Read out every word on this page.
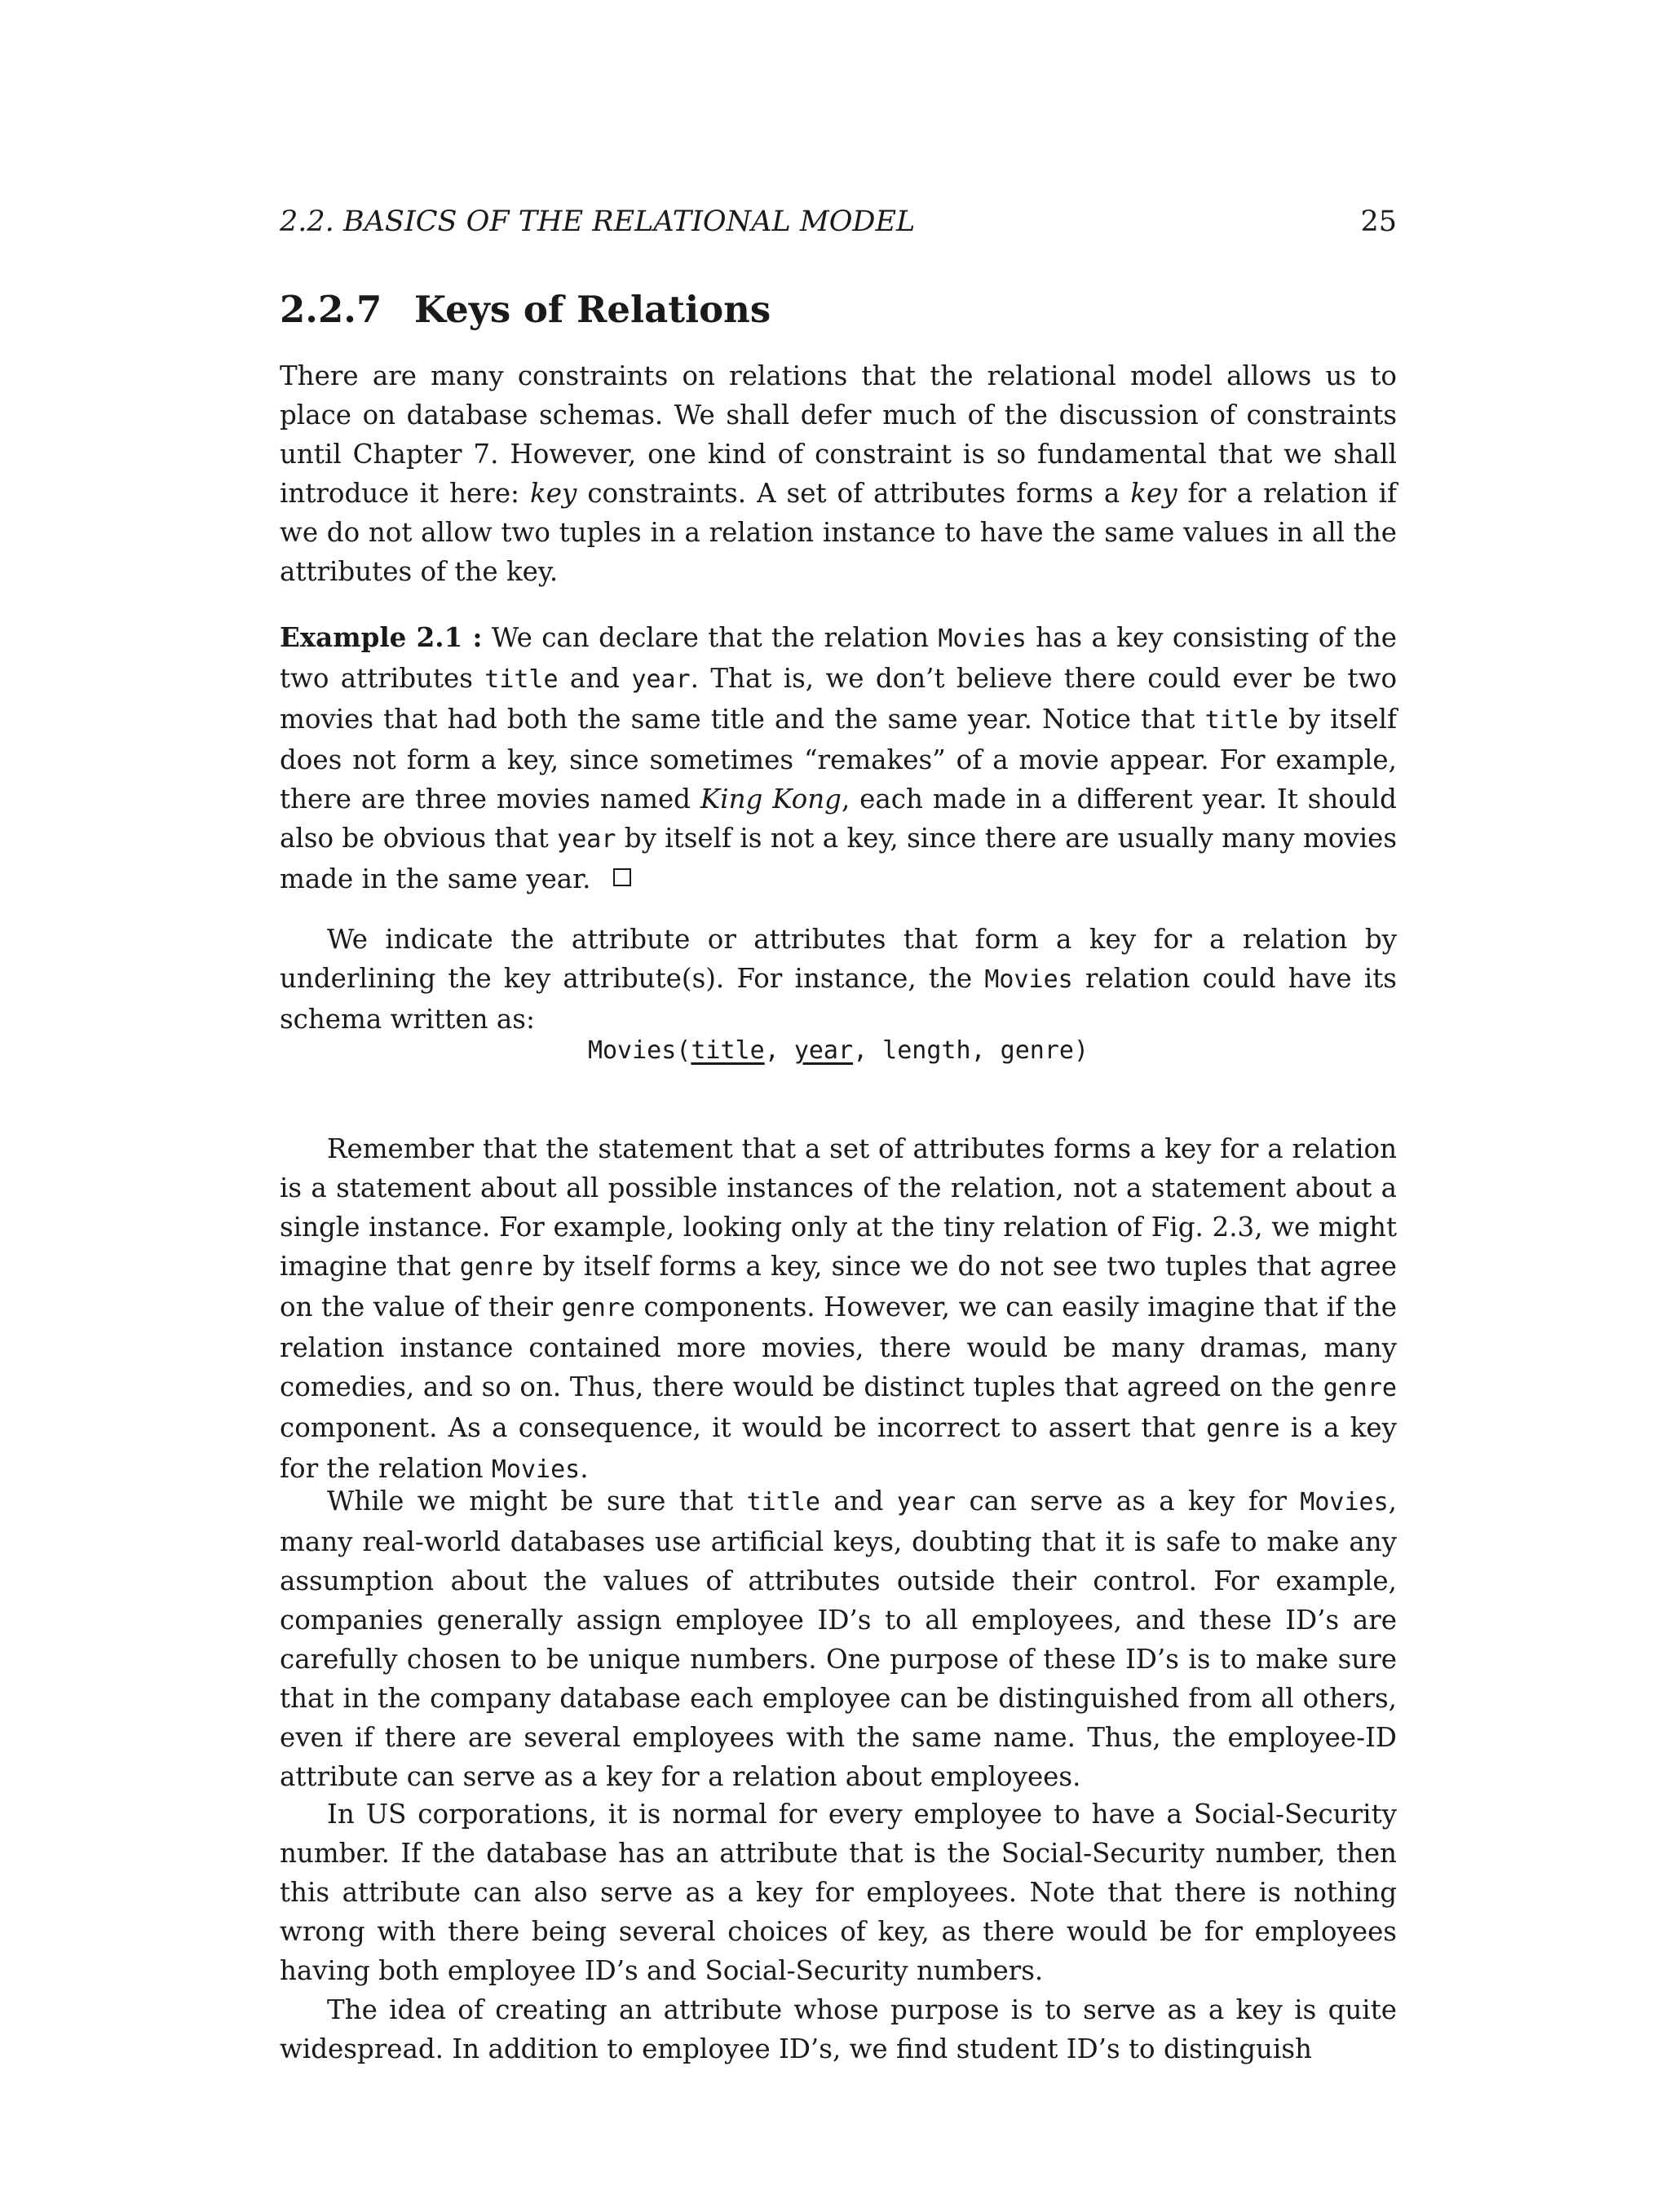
2.2. BASICS OF THE RELATIONAL MODEL	25
2.2.7 Keys of Relations

There are many constraints on relations that the relational model allows us to place on database schemas. We shall defer much of the discussion of constraints until Chapter 7. However, one kind of constraint is so fundamental that we shall introduce it here: key constraints. A set of attributes forms a key for a relation if we do not allow two tuples in a relation instance to have the same values in all the attributes of the key.

Example 2.1 : We can declare that the relation Movies has a key consisting of the two attributes title and year. That is, we don’t believe there could ever be two movies that had both the same title and the same year. Notice that title by itself does not form a key, since sometimes “remakes” of a movie appear. For example, there are three movies named King Kong, each made in a different year. It should also be obvious that year by itself is not a key, since there are usually many movies made in the same year.

We indicate the attribute or attributes that form a key for a relation by underlining the key attribute(s). For instance, the Movies relation could have its schema written as:

Movies(title, year, length, genre)

Remember that the statement that a set of attributes forms a key for a relation is a statement about all possible instances of the relation, not a statement about a single instance. For example, looking only at the tiny relation of Fig. 2.3, we might imagine that genre by itself forms a key, since we do not see two tuples that agree on the value of their genre components. However, we can easily imagine that if the relation instance contained more movies, there would be many dramas, many comedies, and so on. Thus, there would be distinct tuples that agreed on the genre component. As a consequence, it would be incorrect to assert that genre is a key for the relation Movies.

While we might be sure that title and year can serve as a key for Movies, many real-world databases use artificial keys, doubting that it is safe to make any assumption about the values of attributes outside their control. For example, companies generally assign employee ID’s to all employees, and these ID’s are carefully chosen to be unique numbers. One purpose of these ID’s is to make sure that in the company database each employee can be distinguished from all others, even if there are several employees with the same name. Thus, the employee-ID attribute can serve as a key for a relation about employees.

In US corporations, it is normal for every employee to have a Social-Security number. If the database has an attribute that is the Social-Security number, then this attribute can also serve as a key for employees. Note that there is nothing wrong with there being several choices of key, as there would be for employees having both employee ID’s and Social-Security numbers.

The idea of creating an attribute whose purpose is to serve as a key is quite widespread. In addition to employee ID’s, we find student ID’s to distinguish
